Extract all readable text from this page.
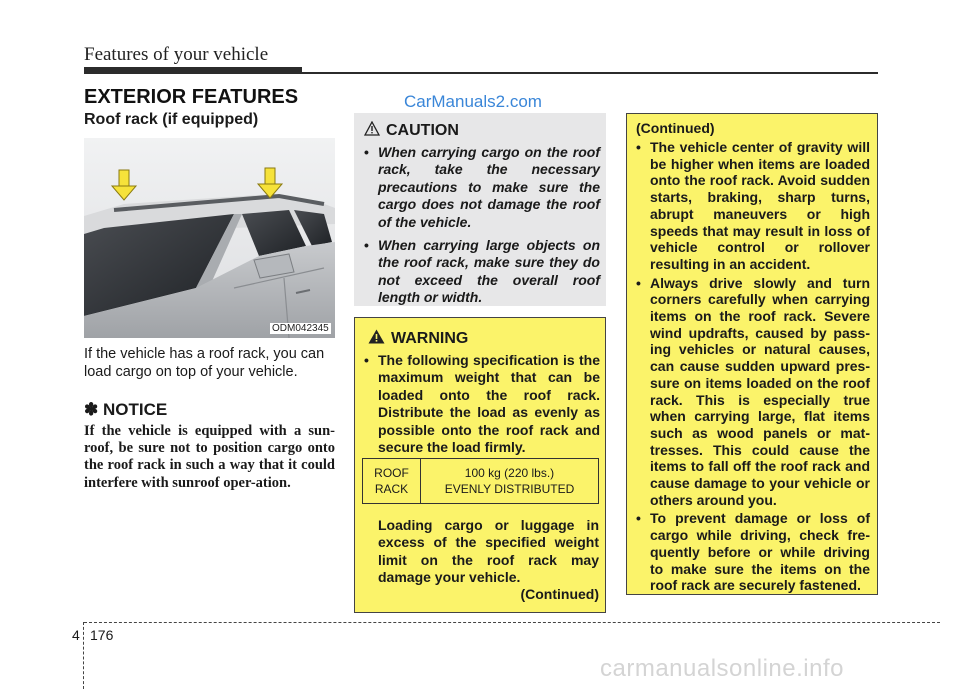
Features of your vehicle
EXTERIOR FEATURES	CarManuals2.com
Roof rack (if equipped)
ODM042345
If the vehicle has a roof rack, you can load cargo on top of your vehicle.
✽ NOTICE
If the vehicle is equipped with a sun-roof, be sure not to position cargo onto the roof rack in such a way that it could interfere with sunroof oper-ation.
CAUTION
• When carrying cargo on the roof rack, take the necessary precautions to make sure the cargo does not damage the roof of the vehicle.
• When carrying large objects on the roof rack, make sure they do not exceed the overall roof length or width.
WARNING
• The following specification is the maximum weight that can be loaded onto the roof rack. Distribute the load as evenly as possible onto the roof rack and secure the load firmly.
ROOF
RACK
100 kg (220 lbs.)
EVENLY DISTRIBUTED
Loading cargo or luggage in excess of the specified weight limit on the roof rack may damage your vehicle.
(Continued)
(Continued)
• The vehicle center of gravity will be higher when items are loaded onto the roof rack. Avoid sudden starts, braking, sharp turns, abrupt maneuvers or high speeds that may result in loss of vehicle control or rollover resulting in an accident.
• Always drive slowly and turn corners carefully when carrying items on the roof rack. Severe wind updrafts, caused by pass-ing vehicles or natural causes, can cause sudden upward pres-sure on items loaded on the roof rack. This is especially true when carrying large, flat items such as wood panels or mat-tresses. This could cause the items to fall off the roof rack and cause damage to your vehicle or others around you.
• To prevent damage or loss of cargo while driving, check fre-quently before or while driving to make sure the items on the roof rack are securely fastened.
4 176
carmanualsonline.info
